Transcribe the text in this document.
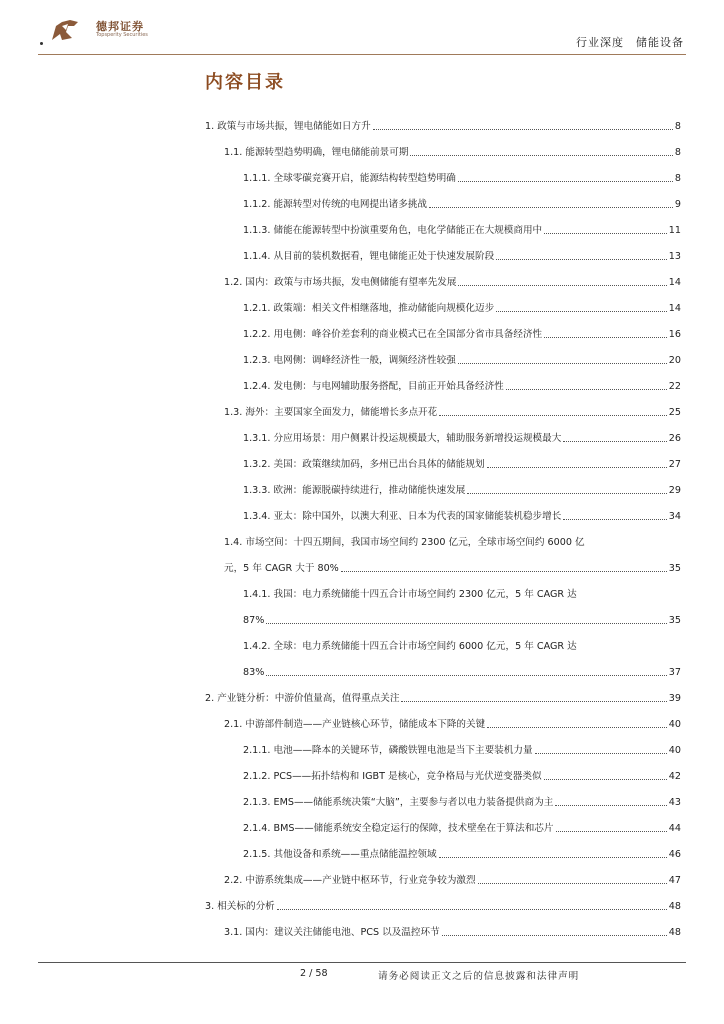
德邦证券
Topsperity Securities
行业深度　储能设备
内容目录
1. 政策与市场共振，锂电储能如日方升	8
1.1. 能源转型趋势明确，锂电储能前景可期	8
1.1.1. 全球零碳竞赛开启，能源结构转型趋势明确	8
1.1.2. 能源转型对传统的电网提出诸多挑战	9
1.1.3. 储能在能源转型中扮演重要角色，电化学储能正在大规模商用中	11
1.1.4. 从目前的装机数据看，锂电储能正处于快速发展阶段	13
1.2. 国内：政策与市场共振，发电侧储能有望率先发展	14
1.2.1. 政策端：相关文件相继落地，推动储能向规模化迈步	14
1.2.2. 用电侧：峰谷价差套利的商业模式已在全国部分省市具备经济性	16
1.2.3. 电网侧：调峰经济性一般，调频经济性较强	20
1.2.4. 发电侧：与电网辅助服务搭配，目前正开始具备经济性	22
1.3. 海外：主要国家全面发力，储能增长多点开花	25
1.3.1. 分应用场景：用户侧累计投运规模最大，辅助服务新增投运规模最大	26
1.3.2. 美国：政策继续加码，多州已出台具体的储能规划	27
1.3.3. 欧洲：能源脱碳持续进行，推动储能快速发展	29
1.3.4. 亚太：除中国外，以澳大利亚、日本为代表的国家储能装机稳步增长	34
1.4. 市场空间：十四五期间，我国市场空间约 2300 亿元，全球市场空间约 6000 亿
元，5 年 CAGR 大于 80%	35
1.4.1. 我国：电力系统储能十四五合计市场空间约 2300 亿元，5 年 CAGR 达
87%	35
1.4.2. 全球：电力系统储能十四五合计市场空间约 6000 亿元，5 年 CAGR 达
83%	37
2. 产业链分析：中游价值量高，值得重点关注	39
2.1. 中游部件制造——产业链核心环节，储能成本下降的关键	40
2.1.1. 电池——降本的关键环节，磷酸铁锂电池是当下主要装机力量	40
2.1.2. PCS——拓扑结构和 IGBT 是核心，竞争格局与光伏逆变器类似	42
2.1.3. EMS——储能系统决策“大脑”，主要参与者以电力装备提供商为主	43
2.1.4. BMS——储能系统安全稳定运行的保障，技术壁垒在于算法和芯片	44
2.1.5. 其他设备和系统——重点储能温控领域	46
2.2. 中游系统集成——产业链中枢环节，行业竞争较为激烈	47
3. 相关标的分析	48
3.1. 国内：建议关注储能电池、PCS 以及温控环节	48
2 / 58	请务必阅读正文之后的信息披露和法律声明
